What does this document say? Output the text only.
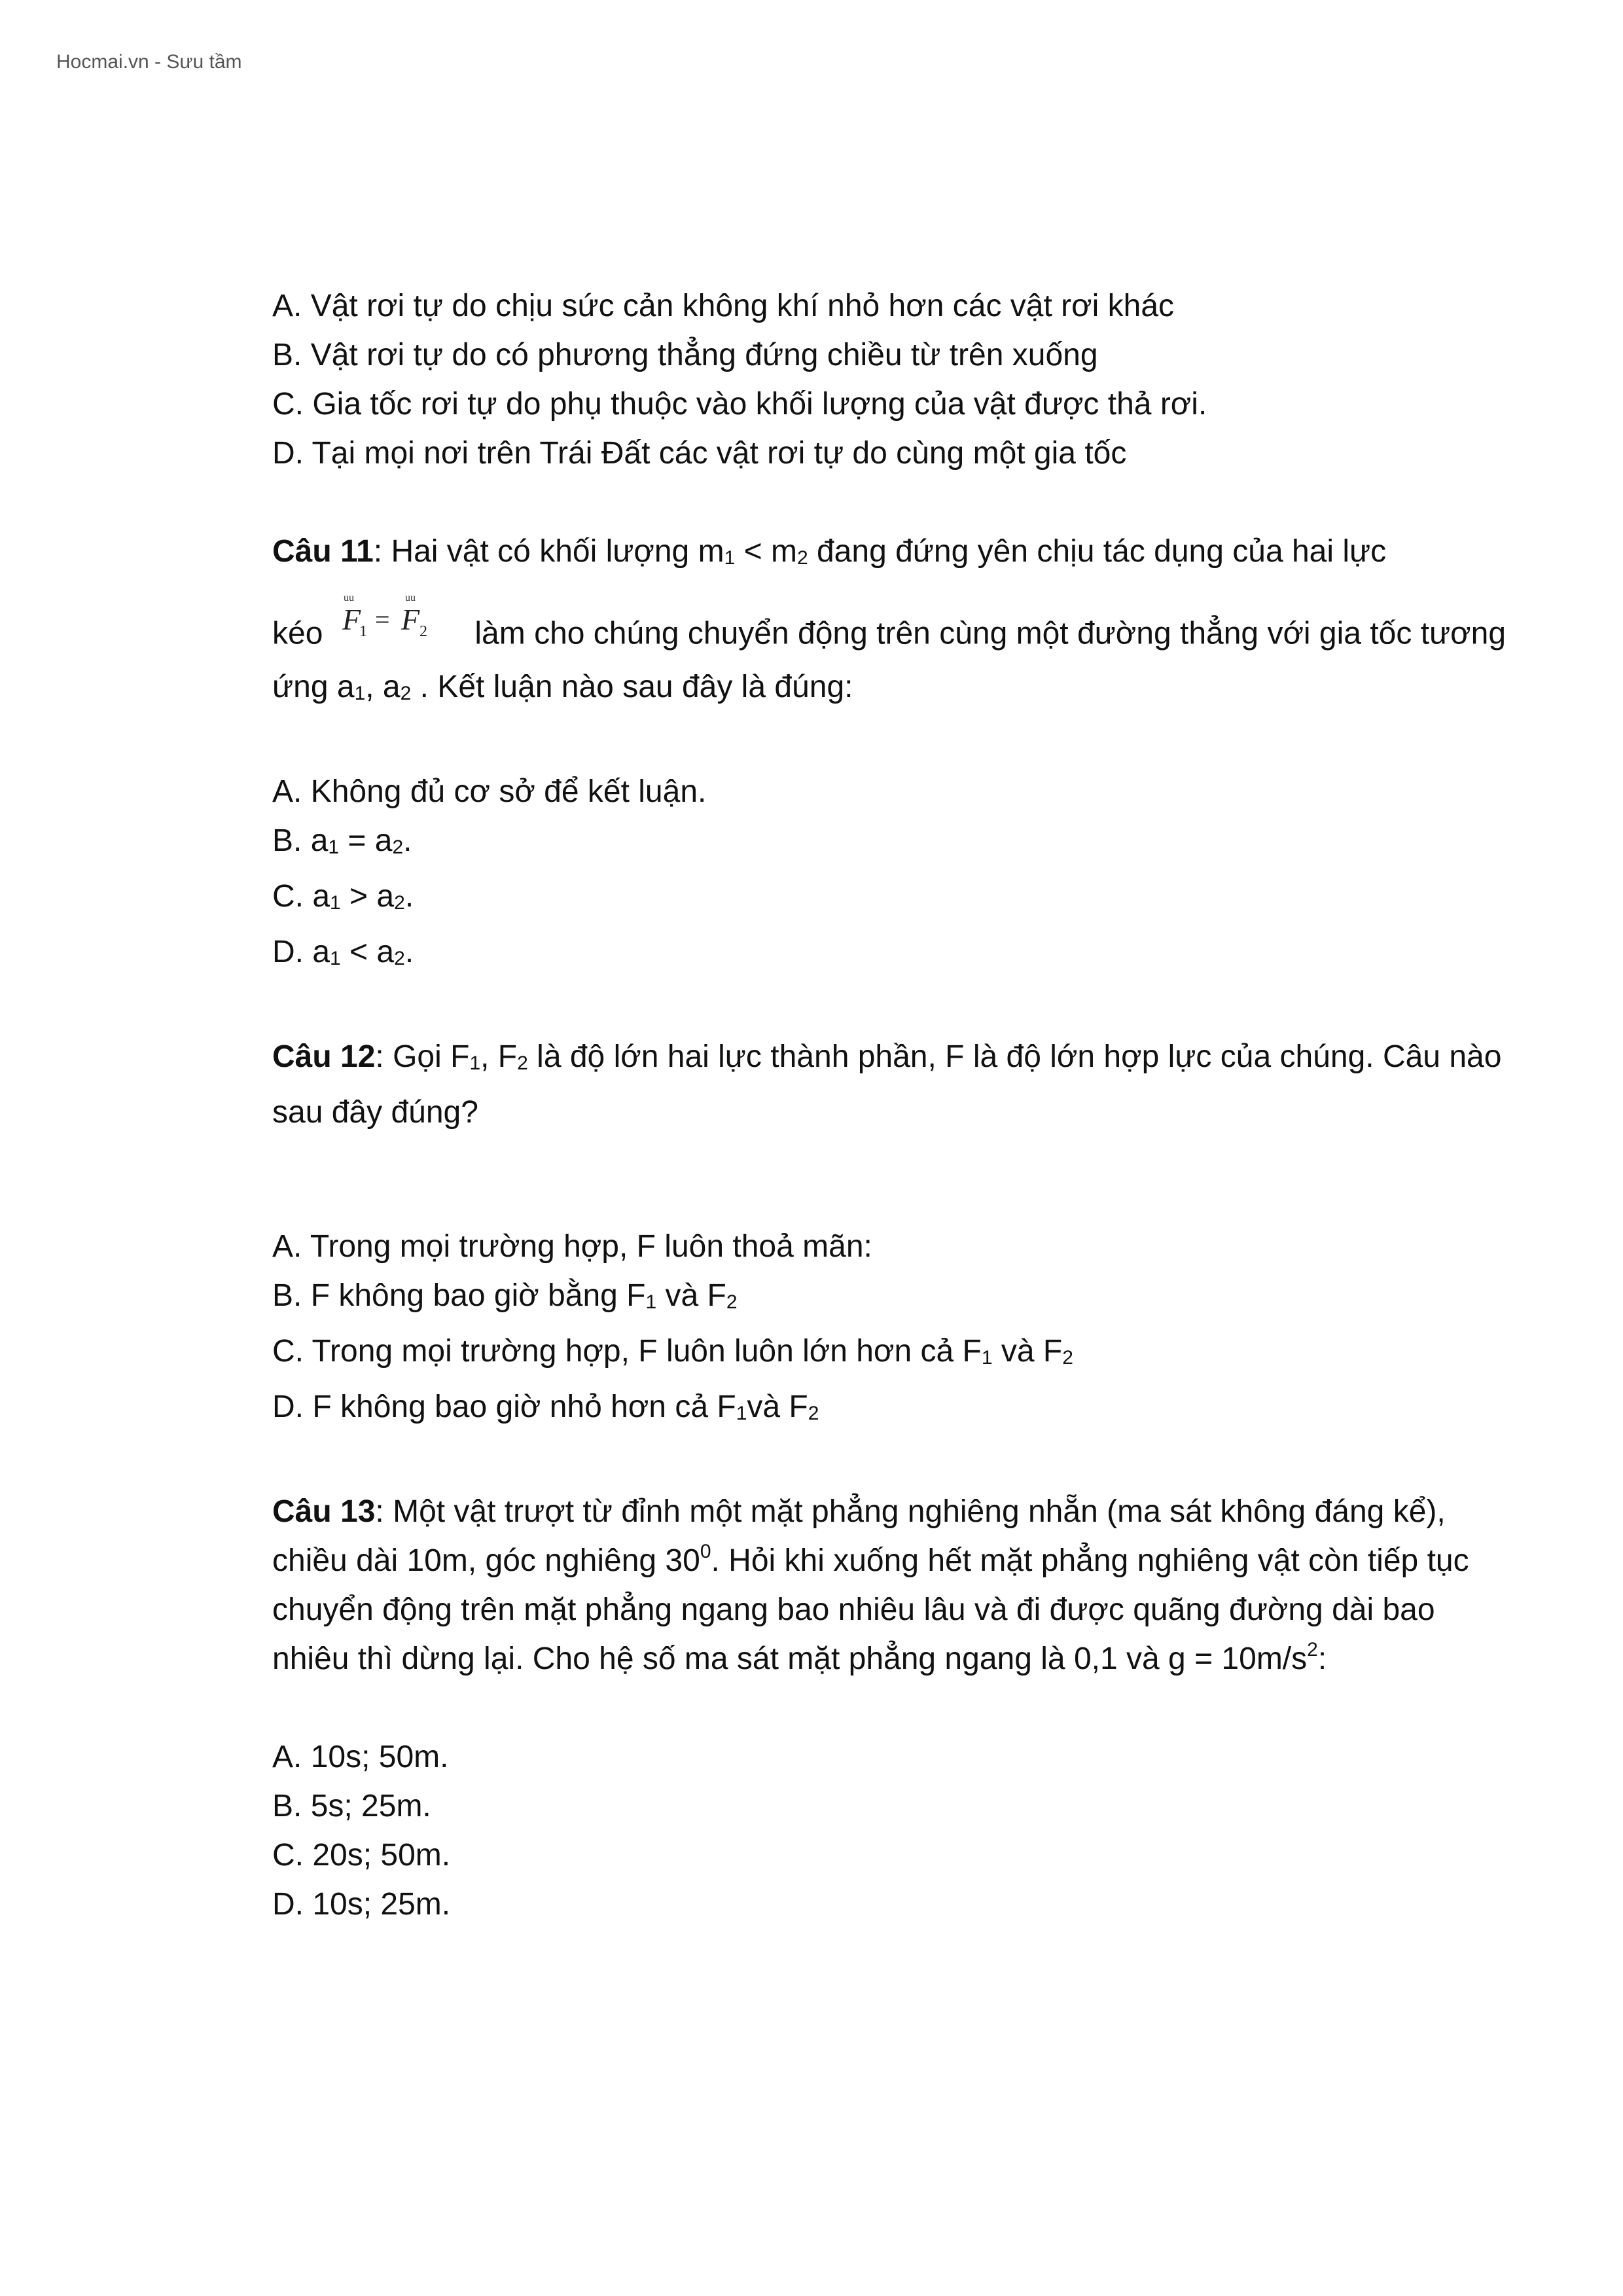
Hocmai.vn - Sưu tầm
A. Vật rơi tự do chịu sức cản không khí nhỏ hơn các vật rơi khác
B. Vật rơi tự do có phương thẳng đứng chiều từ trên xuống
C. Gia tốc rơi tự do phụ thuộc vào khối lượng của vật được thả rơi.
D. Tại mọi nơi trên Trái Đất các vật rơi tự do cùng một gia tốc
Câu 11: Hai vật có khối lượng $m_1 < m_2$ đang đứng yên chịu tác dụng của hai lực
kéo
uu	uu
F
1 = F 2 làm cho chúng chuyển động trên cùng một đường thẳng với gia tốc tương
ứng $a_1$, $a_2$ . Kết luận nào sau đây là đúng:
A. Không đủ cơ sở để kết luận.
B. $a_1 = a_2$.
C. $a_1 > a_2$.
D. $a_1 < a_2$.
Câu 12: Gọi $F_1$, $F_2$ là độ lớn hai lực thành phần, F là độ lớn hợp lực của chúng. Câu nào
sau đây đúng?
A. Trong mọi trường hợp, F luôn thoả mãn:
B. F không bao giờ bằng $F_1$ và $F_2$
C. Trong mọi trường hợp, F luôn luôn lớn hơn cả $F_1$ và $F_2$
D. F không bao giờ nhỏ hơn cả $F_1và$ $F_2$
Câu 13: Một vật trượt từ đỉnh một mặt phẳng nghiêng nhẵn (ma sát không đáng kể),
chiều dài 10m, góc nghiêng $30^0$. Hỏi khi xuống hết mặt phẳng nghiêng vật còn tiếp tục
chuyển động trên mặt phẳng ngang bao nhiêu lâu và đi được quãng đường dài bao
nhiêu thì dừng lại. Cho hệ số ma sát mặt phẳng ngang là 0,1 và $g = 10m/s^2$:
A. 10s; 50m.
B. 5s; 25m.
C. 20s; 50m.
D. 10s; 25m.
